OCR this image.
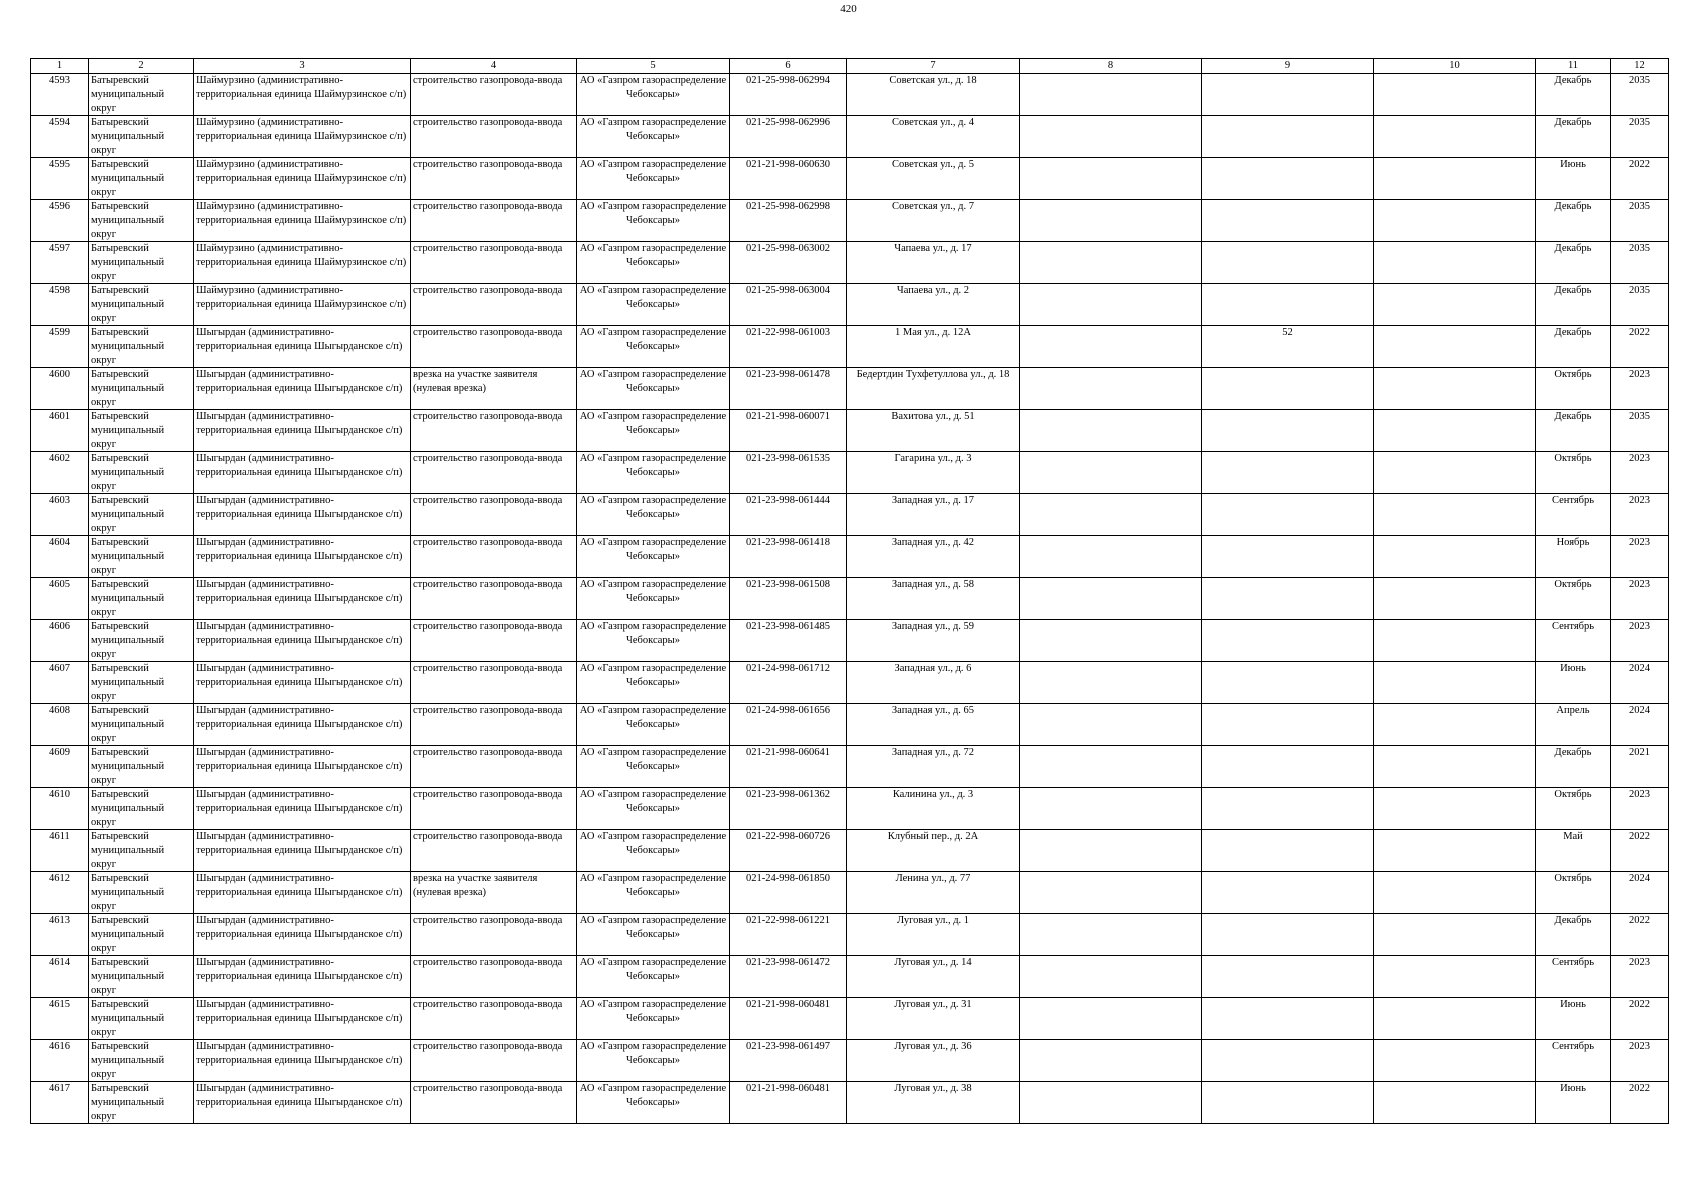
420
1	2	3	4	5	6	7	8	9	10	11	12

4593	Батыревский муниципальный округ	Шаймурзино (административно-территориальная единица Шаймурзинское с/п)	строительство газопровода-ввода	АО «Газпром газораспределение Чебоксары»	021-25-998-062994	Советская ул., д. 18				Декабрь	2035

4594	Батыревский муниципальный округ	Шаймурзино (административно-территориальная единица Шаймурзинское с/п)	строительство газопровода-ввода	АО «Газпром газораспределение Чебоксары»	021-25-998-062996	Советская ул., д. 4				Декабрь	2035

4595	Батыревский муниципальный округ	Шаймурзино (административно-территориальная единица Шаймурзинское с/п)	строительство газопровода-ввода	АО «Газпром газораспределение Чебоксары»	021-21-998-060630	Советская ул., д. 5				Июнь	2022

4596	Батыревский муниципальный округ	Шаймурзино (административно-территориальная единица Шаймурзинское с/п)	строительство газопровода-ввода	АО «Газпром газораспределение Чебоксары»	021-25-998-062998	Советская ул., д. 7				Декабрь	2035

4597	Батыревский муниципальный округ	Шаймурзино (административно-территориальная единица Шаймурзинское с/п)	строительство газопровода-ввода	АО «Газпром газораспределение Чебоксары»	021-25-998-063002	Чапаева ул., д. 17				Декабрь	2035

4598	Батыревский муниципальный округ	Шаймурзино (административно-территориальная единица Шаймурзинское с/п)	строительство газопровода-ввода	АО «Газпром газораспределение Чебоксары»	021-25-998-063004	Чапаева ул., д. 2				Декабрь	2035

4599	Батыревский муниципальный округ	Шыгырдан (административно-территориальная единица Шыгырданское с/п)	строительство газопровода-ввода	АО «Газпром газораспределение Чебоксары»	021-22-998-061003	1 Мая ул., д. 12А		52		Декабрь	2022

4600	Батыревский муниципальный округ	Шыгырдан (административно-территориальная единица Шыгырданское с/п)	врезка на участке заявителя (нулевая врезка)	АО «Газпром газораспределение Чебоксары»	021-23-998-061478	Бедертдин Тухфетуллова ул., д. 18				Октябрь	2023

4601	Батыревский муниципальный округ	Шыгырдан (административно-территориальная единица Шыгырданское с/п)	строительство газопровода-ввода	АО «Газпром газораспределение Чебоксары»	021-21-998-060071	Вахитова ул., д. 51				Декабрь	2035

4602	Батыревский муниципальный округ	Шыгырдан (административно-территориальная единица Шыгырданское с/п)	строительство газопровода-ввода	АО «Газпром газораспределение Чебоксары»	021-23-998-061535	Гагарина ул., д. 3				Октябрь	2023

4603	Батыревский муниципальный округ	Шыгырдан (административно-территориальная единица Шыгырданское с/п)	строительство газопровода-ввода	АО «Газпром газораспределение Чебоксары»	021-23-998-061444	Западная ул., д. 17				Сентябрь	2023

4604	Батыревский муниципальный округ	Шыгырдан (административно-территориальная единица Шыгырданское с/п)	строительство газопровода-ввода	АО «Газпром газораспределение Чебоксары»	021-23-998-061418	Западная ул., д. 42				Ноябрь	2023

4605	Батыревский муниципальный округ	Шыгырдан (административно-территориальная единица Шыгырданское с/п)	строительство газопровода-ввода	АО «Газпром газораспределение Чебоксары»	021-23-998-061508	Западная ул., д. 58				Октябрь	2023

4606	Батыревский муниципальный округ	Шыгырдан (административно-территориальная единица Шыгырданское с/п)	строительство газопровода-ввода	АО «Газпром газораспределение Чебоксары»	021-23-998-061485	Западная ул., д. 59				Сентябрь	2023

4607	Батыревский муниципальный округ	Шыгырдан (административно-территориальная единица Шыгырданское с/п)	строительство газопровода-ввода	АО «Газпром газораспределение Чебоксары»	021-24-998-061712	Западная ул., д. 6				Июнь	2024

4608	Батыревский муниципальный округ	Шыгырдан (административно-территориальная единица Шыгырданское с/п)	строительство газопровода-ввода	АО «Газпром газораспределение Чебоксары»	021-24-998-061656	Западная ул., д. 65				Апрель	2024

4609	Батыревский муниципальный округ	Шыгырдан (административно-территориальная единица Шыгырданское с/п)	строительство газопровода-ввода	АО «Газпром газораспределение Чебоксары»	021-21-998-060641	Западная ул., д. 72				Декабрь	2021

4610	Батыревский муниципальный округ	Шыгырдан (административно-территориальная единица Шыгырданское с/п)	строительство газопровода-ввода	АО «Газпром газораспределение Чебоксары»	021-23-998-061362	Калинина ул., д. 3				Октябрь	2023

4611	Батыревский муниципальный округ	Шыгырдан (административно-территориальная единица Шыгырданское с/п)	строительство газопровода-ввода	АО «Газпром газораспределение Чебоксары»	021-22-998-060726	Клубный пер., д. 2А				Май	2022

4612	Батыревский муниципальный округ	Шыгырдан (административно-территориальная единица Шыгырданское с/п)	врезка на участке заявителя (нулевая врезка)	АО «Газпром газораспределение Чебоксары»	021-24-998-061850	Ленина ул., д. 77				Октябрь	2024

4613	Батыревский муниципальный округ	Шыгырдан (административно-территориальная единица Шыгырданское с/п)	строительство газопровода-ввода	АО «Газпром газораспределение Чебоксары»	021-22-998-061221	Луговая ул., д. 1				Декабрь	2022

4614	Батыревский муниципальный округ	Шыгырдан (административно-территориальная единица Шыгырданское с/п)	строительство газопровода-ввода	АО «Газпром газораспределение Чебоксары»	021-23-998-061472	Луговая ул., д. 14				Сентябрь	2023

4615	Батыревский муниципальный округ	Шыгырдан (административно-территориальная единица Шыгырданское с/п)	строительство газопровода-ввода	АО «Газпром газораспределение Чебоксары»	021-21-998-060481	Луговая ул., д. 31				Июнь	2022

4616	Батыревский муниципальный округ	Шыгырдан (административно-территориальная единица Шыгырданское с/п)	строительство газопровода-ввода	АО «Газпром газораспределение Чебоксары»	021-23-998-061497	Луговая ул., д. 36				Сентябрь	2023

4617	Батыревский муниципальный округ	Шыгырдан (административно-территориальная единица Шыгырданское с/п)	строительство газопровода-ввода	АО «Газпром газораспределение Чебоксары»	021-21-998-060481	Луговая ул., д. 38				Июнь	2022
